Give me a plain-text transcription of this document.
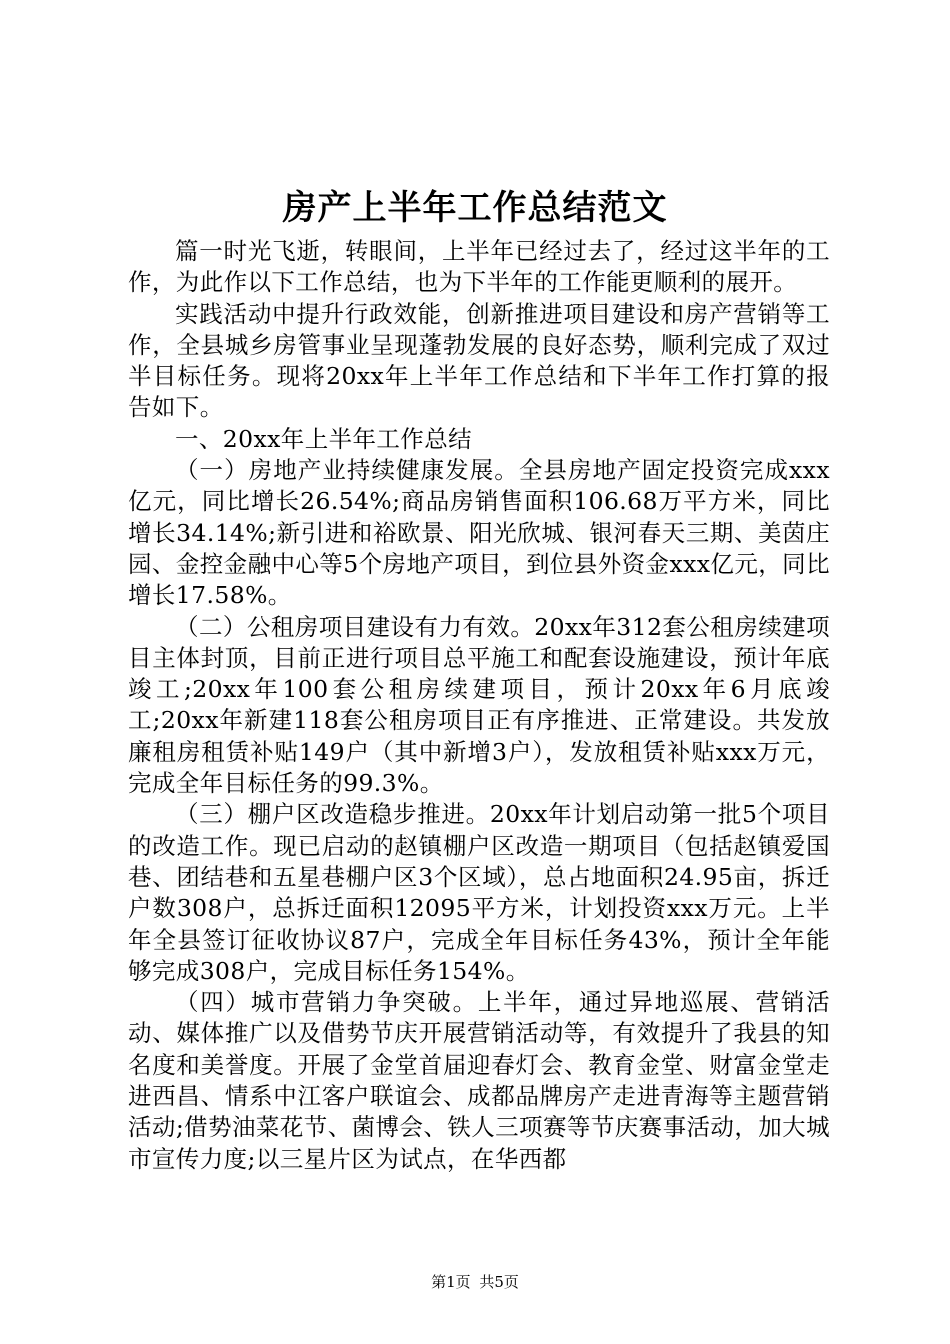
房产上半年工作总结范文

篇一时光飞逝，转眼间，上半年已经过去了，经过这半年的工作，为此作以下工作总结，也为下半年的工作能更顺利的展开。

实践活动中提升行政效能，创新推进项目建设和房产营销等工作，全县城乡房管事业呈现蓬勃发展的良好态势，顺利完成了双过半目标任务。现将20xx年上半年工作总结和下半年工作打算的报告如下。

一、20xx年上半年工作总结

（一）房地产业持续健康发展。全县房地产固定投资完成xxx亿元，同比增长26.54%;商品房销售面积106.68万平方米，同比增长34.14%;新引进和裕欧景、阳光欣城、银河春天三期、美茵庄园、金控金融中心等5个房地产项目，到位县外资金xxx亿元，同比增长17.58%。

（二）公租房项目建设有力有效。20xx年312套公租房续建项目主体封顶，目前正进行项目总平施工和配套设施建设，预计年底竣工;20xx年100套公租房续建项目，预计20xx年6月底竣工;20xx年新建118套公租房项目正有序推进、正常建设。共发放廉租房租赁补贴149户（其中新增3户），发放租赁补贴xxx万元，完成全年目标任务的99.3%。

（三）棚户区改造稳步推进。20xx年计划启动第一批5个项目的改造工作。现已启动的赵镇棚户区改造一期项目（包括赵镇爱国巷、团结巷和五星巷棚户区3个区域），总占地面积24.95亩，拆迁户数308户，总拆迁面积12095平方米，计划投资xxx万元。上半年全县签订征收协议87户，完成全年目标任务43%，预计全年能够完成308户，完成目标任务154%。

（四）城市营销力争突破。上半年，通过异地巡展、营销活动、媒体推广以及借势节庆开展营销活动等，有效提升了我县的知名度和美誉度。开展了金堂首届迎春灯会、教育金堂、财富金堂走进西昌、情系中江客户联谊会、成都品牌房产走进青海等主题营销活动;借势油菜花节、菌博会、铁人三项赛等节庆赛事活动，加大城市宣传力度;以三星片区为试点，在华西都

第1页 共5页
